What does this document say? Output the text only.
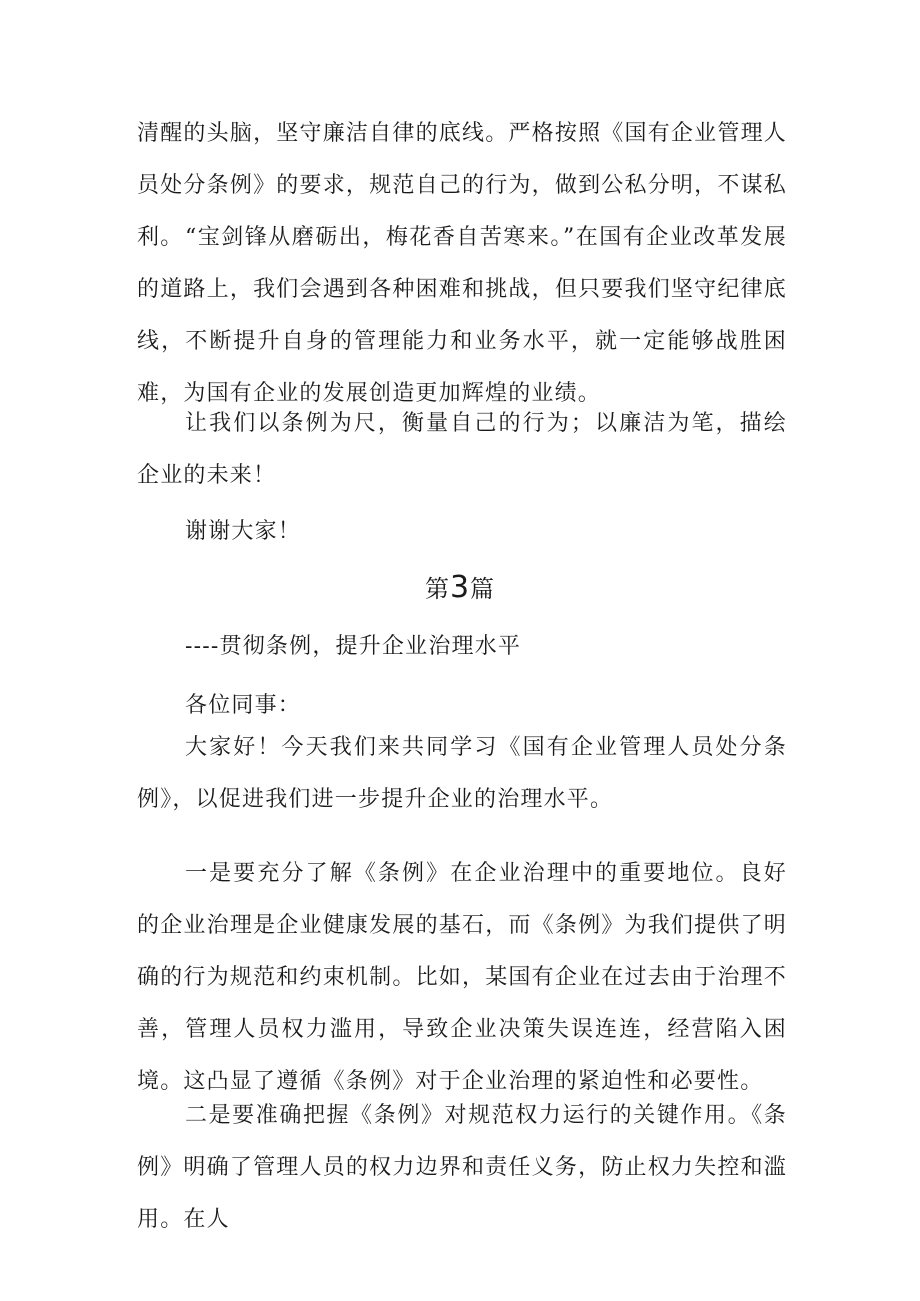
清醒的头脑，坚守廉洁自律的底线。严格按照《国有企业管理人员处分条例》的要求，规范自己的行为，做到公私分明，不谋私利。 “宝剑锋从磨砺出，梅花香自苦寒来。”在国有企业改革发展的道路上，我们会遇到各种困难和挑战，但只要我们坚守纪律底线，不断提升自身的管理能力和业务水平，就一定能够战胜困难，为国有企业的发展创造更加辉煌的业绩。

让我们以条例为尺，衡量自己的行为；以廉洁为笔，描绘企业的未来！

谢谢大家！

第3篇

----贯彻条例，提升企业治理水平

各位同事：

大家好！今天我们来共同学习《国有企业管理人员处分条例》，以促进我们进一步提升企业的治理水平。

一是要充分了解《条例》在企业治理中的重要地位。良好的企业治理是企业健康发展的基石，而《条例》为我们提供了明确的行为规范和约束机制。比如，某国有企业在过去由于治理不善，管理人员权力滥用，导致企业决策失误连连，经营陷入困境。这凸显了遵循《条例》对于企业治理的紧迫性和必要性。

二是要准确把握《条例》对规范权力运行的关键作用。《条例》明确了管理人员的权力边界和责任义务，防止权力失控和滥用。在人
